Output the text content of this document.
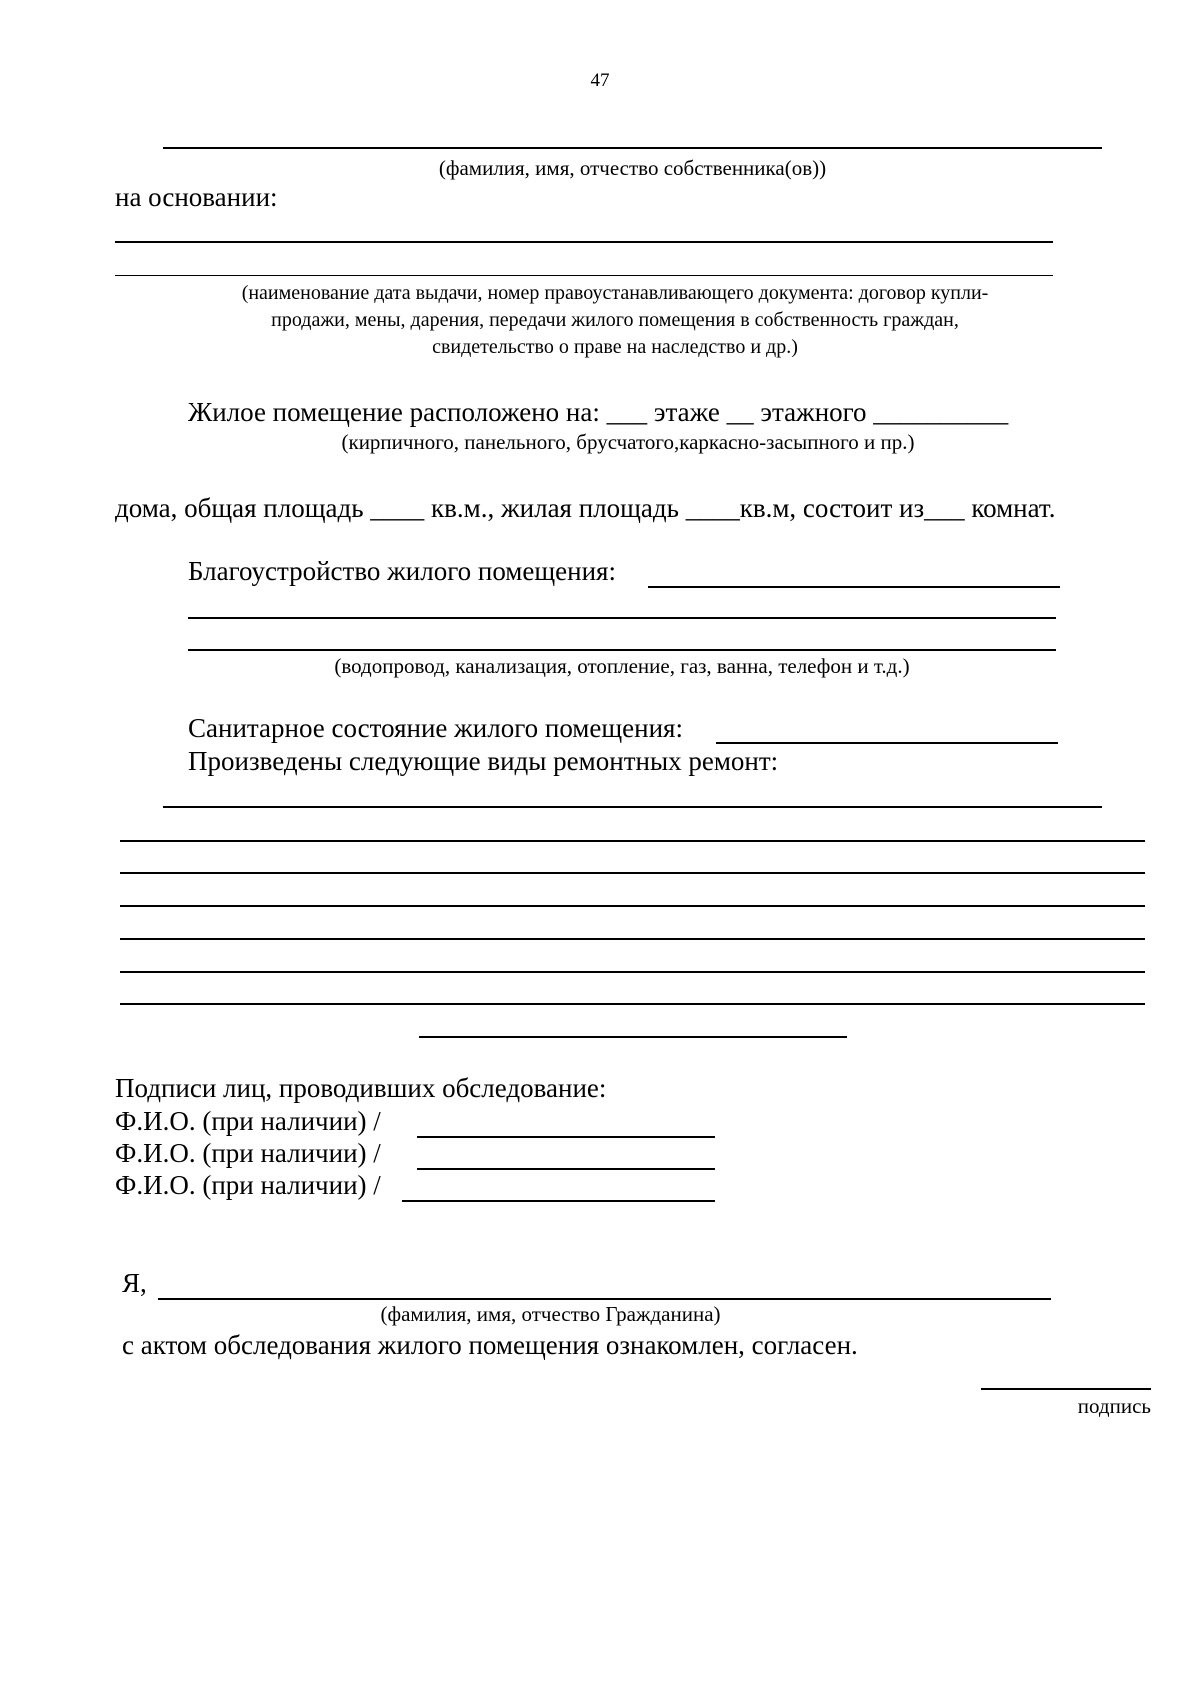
47
(фамилия, имя, отчество собственника(ов))
на основании:
(наименование дата выдачи, номер правоустанавливающего документа: договор купли-
продажи, мены, дарения, передачи жилого помещения в собственность граждан,
свидетельство о праве на наследство и др.)
Жилое помещение расположено на: ___ этаже __ этажного __________
(кирпичного, панельного, брусчатого,каркасно-засыпного и пр.)
дома, общая площадь ____ кв.м., жилая площадь ____кв.м, состоит из___ комнат.
Благоустройство жилого помещения:
(водопровод, канализация, отопление, газ, ванна, телефон и т.д.)
Санитарное состояние жилого помещения:
Произведены следующие виды ремонтных ремонт:
Подписи лиц, проводивших обследование:
Ф.И.О. (при наличии) /
Ф.И.О. (при наличии) /
Ф.И.О. (при наличии) /
Я,
(фамилия, имя, отчество Гражданина)
с актом обследования жилого помещения ознакомлен, согласен.
подпись
